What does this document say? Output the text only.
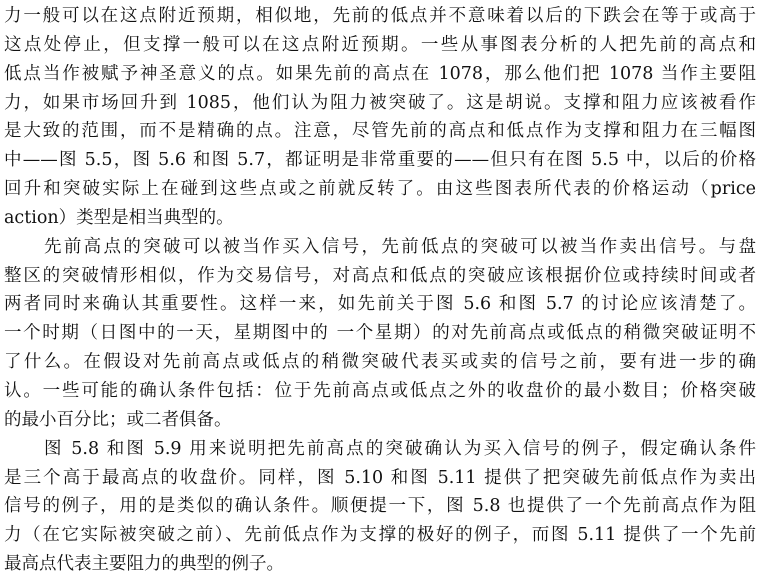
力一般可以在这点附近预期，相似地，先前的低点并不意味着以后的下跌会在等于或高于
这点处停止，但支撑一般可以在这点附近预期。一些从事图表分析的人把先前的高点和
低点当作被赋予神圣意义的点。如果先前的高点在 1078，那么他们把 1078 当作主要阻
力，如果市场回升到 1085，他们认为阻力被突破了。这是胡说。支撑和阻力应该被看作
是大致的范围，而不是精确的点。注意，尽管先前的高点和低点作为支撑和阻力在三幅图
中——图 5.5，图 5.6 和图 5.7，都证明是非常重要的——但只有在图 5.5 中，以后的价格
回升和突破实际上在碰到这些点或之前就反转了。由这些图表所代表的价格运动（price
action）类型是相当典型的。
先前高点的突破可以被当作买入信号，先前低点的突破可以被当作卖出信号。与盘
整区的突破情形相似，作为交易信号，对高点和低点的突破应该根据价位或持续时间或者
两者同时来确认其重要性。这样一来，如先前关于图 5.6 和图 5.7 的讨论应该清楚了。
一个时期（日图中的一天，星期图中的 一个星期）的对先前高点或低点的稍微突破证明不
了什么。在假设对先前高点或低点的稍微突破代表买或卖的信号之前，要有进一步的确
认。一些可能的确认条件包括：位于先前高点或低点之外的收盘价的最小数目；价格突破
的最小百分比；或二者俱备。
图 5.8 和图 5.9 用来说明把先前高点的突破确认为买入信号的例子，假定确认条件
是三个高于最高点的收盘价。同样，图 5.10 和图 5.11 提供了把突破先前低点作为卖出
信号的例子，用的是类似的确认条件。顺便提一下，图 5.8 也提供了一个先前高点作为阻
力（在它实际被突破之前）、先前低点作为支撑的极好的例子，而图 5.11 提供了一个先前
最高点代表主要阻力的典型的例子。
